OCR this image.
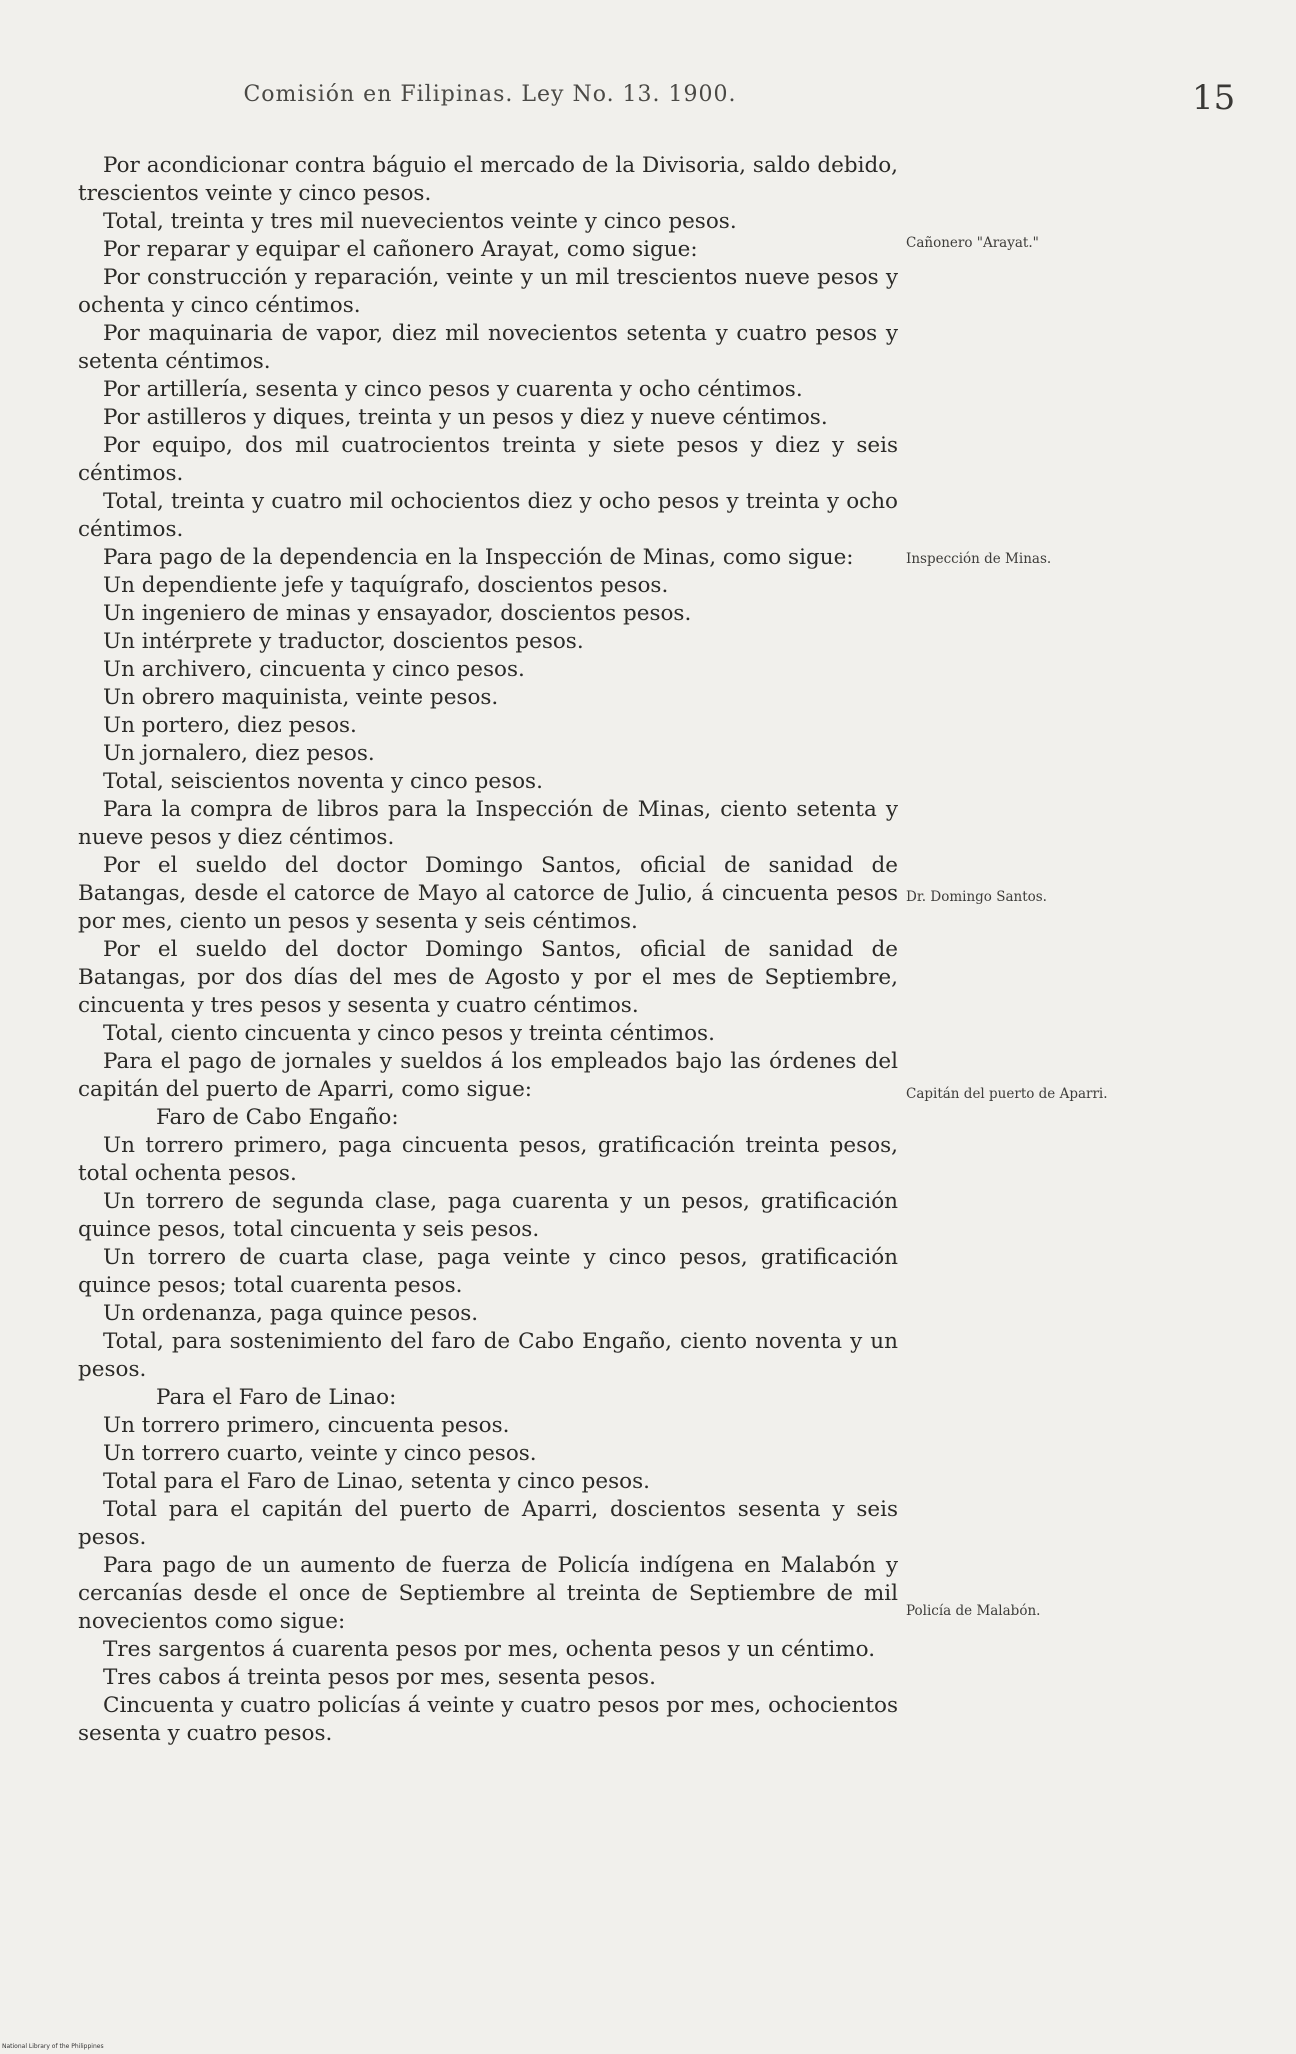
Comisión en Filipinas. Ley No. 13. 1900.	15

Por acondicionar contra báguio el mercado de la Divisoria, saldo debido, trescientos veinte y cinco pesos.

Total, treinta y tres mil nuevecientos veinte y cinco pesos.

Por reparar y equipar el cañonero Arayat, como sigue:

Por construcción y reparación, veinte y un mil trescientos nueve pesos y ochenta y cinco céntimos.

Por maquinaria de vapor, diez mil novecientos setenta y cuatro pesos y setenta céntimos.

Por artillería, sesenta y cinco pesos y cuarenta y ocho céntimos.

Por astilleros y diques, treinta y un pesos y diez y nueve céntimos.

Por equipo, dos mil cuatrocientos treinta y siete pesos y diez y seis céntimos.

Total, treinta y cuatro mil ochocientos diez y ocho pesos y treinta y ocho céntimos.

Para pago de la dependencia en la Inspección de Minas, como sigue:

Un dependiente jefe y taquígrafo, doscientos pesos.

Un ingeniero de minas y ensayador, doscientos pesos.

Un intérprete y traductor, doscientos pesos.

Un archivero, cincuenta y cinco pesos.

Un obrero maquinista, veinte pesos.

Un portero, diez pesos.

Un jornalero, diez pesos.

Total, seiscientos noventa y cinco pesos.

Para la compra de libros para la Inspección de Minas, ciento setenta y nueve pesos y diez céntimos.

Por el sueldo del doctor Domingo Santos, oficial de sanidad de Batangas, desde el catorce de Mayo al catorce de Julio, á cincuenta pesos por mes, ciento un pesos y sesenta y seis céntimos.

Por el sueldo del doctor Domingo Santos, oficial de sanidad de Batangas, por dos días del mes de Agosto y por el mes de Septiembre, cincuenta y tres pesos y sesenta y cuatro céntimos.

Total, ciento cincuenta y cinco pesos y treinta céntimos.

Para el pago de jornales y sueldos á los empleados bajo las órdenes del capitán del puerto de Aparri, como sigue:

Faro de Cabo Engaño:

Un torrero primero, paga cincuenta pesos, gratificación treinta pesos, total ochenta pesos.

Un torrero de segunda clase, paga cuarenta y un pesos, gratificación quince pesos, total cincuenta y seis pesos.

Un torrero de cuarta clase, paga veinte y cinco pesos, gratificación quince pesos; total cuarenta pesos.

Un ordenanza, paga quince pesos.

Total, para sostenimiento del faro de Cabo Engaño, ciento noventa y un pesos.

Para el Faro de Linao:

Un torrero primero, cincuenta pesos.

Un torrero cuarto, veinte y cinco pesos.

Total para el Faro de Linao, setenta y cinco pesos.

Total para el capitán del puerto de Aparri, doscientos sesenta y seis pesos.

Para pago de un aumento de fuerza de Policía indígena en Malabón y cercanías desde el once de Septiembre al treinta de Septiembre de mil novecientos como sigue:

Tres sargentos á cuarenta pesos por mes, ochenta pesos y un céntimo.

Tres cabos á treinta pesos por mes, sesenta pesos.

Cincuenta y cuatro policías á veinte y cuatro pesos por mes, ochocientos sesenta y cuatro pesos.

Cañonero "Arayat."
Inspección de Minas.
Dr. Domingo Santos.
Capitán del puerto de Aparri.
Policía de Malabón.
National Library of the Philippines
